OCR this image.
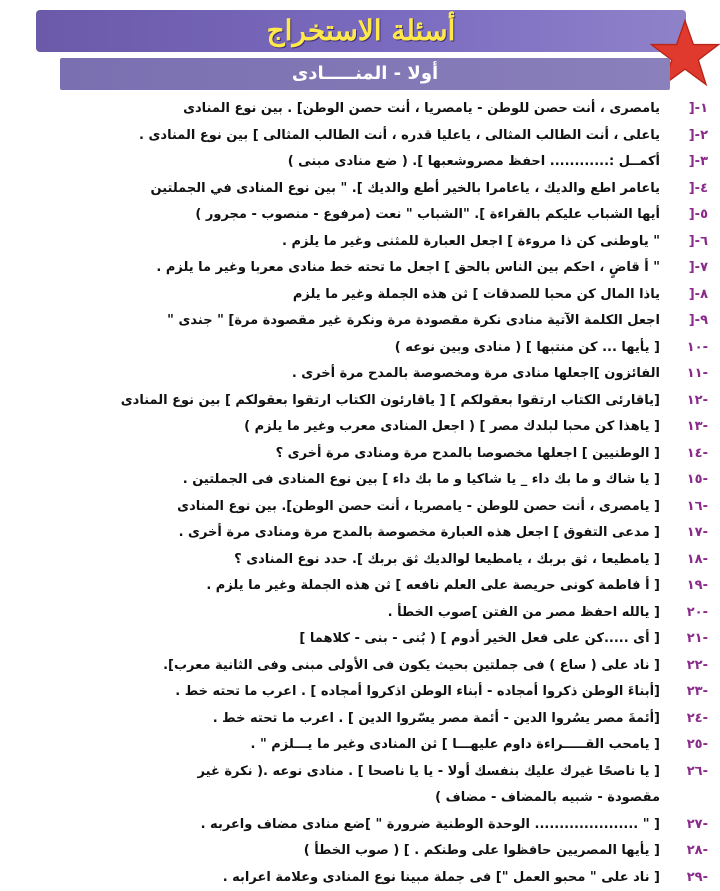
أسئلة الاستخراج
أولا - المنـــــادى
١-[
يامصرى ، أنت حصن للوطن - يامصريا ، أنت حصن الوطن] . بين نوع المنادى
٢-[
ياعلى ، أنت الطالب المثالى ، ياعليا قدره ، أنت الطالب المثالى ] بين نوع المنادى .
٣-[
أكمــل :............ احفظ مصروشعبها ]. ( ضع منادى مبنى )
٤-[
ياعامر اطع والديك ، ياعامرا بالخير أطع والديك ]. " بين نوع المنادى في الجملتين
٥-[
أيها الشباب عليكم بالقراءة ]. "الشباب " نعت (مرفوع - منصوب - مجرور )
٦-[
" ياوطنى كن ذا مروءة ] اجعل العبارة للمثنى وغير ما يلزم .
٧-[
" أ قاضٍ ، احكم بين الناس بالحق ] اجعل ما تحته خط منادى معربا وغير ما يلزم .
٨-[
ياذا المال كن محبا للصدقات ] ثن هذه الجملة وغير ما يلزم
٩-[
اجعل الكلمة الآتية منادى نكرة مقصودة مرة ونكرة غير مقصودة مرة] " جندى "
-١٠
[ يأيها ... كن منتبها ] ( منادى وبين نوعه )
-١١
الفائزون ]اجعلها منادى مرة ومخصوصة بالمدح مرة أخرى .
-١٢
[ياقارئى الكتاب ارتقوا بعقولكم ] [ ياقارئون الكتاب ارتقوا بعقولكم ] بين نوع المنادى
-١٣
[ ياهذا كن محبا لبلدك مصر ] ( اجعل المنادى معرب وغير ما يلزم )
-١٤
[ الوطنيين ] اجعلها مخصوصا بالمدح مرة ومنادى مرة أخرى ؟
-١٥
[ يا شاك و ما بك داء _ يا شاكيا و ما بك داء ] بين نوع المنادى فى الجملتين .
-١٦
[ يامصرى ، أنت حصن للوطن - يامصريا ، أنت حصن الوطن]. بين نوع المنادى
-١٧
[ مدعى التفوق ] اجعل هذه العبارة مخصوصة بالمدح مرة ومنادى مرة أخرى .
-١٨
[ يامطيعا ، ثق بربك ، يامطيعا لوالديك ثق بربك ]. حدد نوع المنادى ؟
-١٩
[ أ فاطمة كونى حريصة على العلم نافعه ] ثن هذه الجملة وغير ما يلزم .
-٢٠
[ يالله احفظ مصر من الفتن ]صوب الخطأ .
-٢١
[ أى .....كن على فعل الخير أدوم ] ( بُنى - بنى - كلاهما ]
-٢٢
[ ناد على ( ساع ) فى جملتين بحيث يكون فى الأولى مبنى وفى الثانية معرب].
-٢٣
[أبناءَ الوطن ذكروا أمجاده - أبناء الوطن اذكروا أمجاده ] . اعرب ما تحته خط .
-٢٤
[أئمةَ مصر يسُروا الدين - أئمة مصر يسّروا الدين ] . اعرب ما تحته خط .
-٢٥
[ يامحب القـــــراءة داوم عليهـــا ] ثن المنادى وغير ما يـــلزم " .
-٢٦
[ يا ناصحًا غيرك عليك بنفسك أولا - يا يا ناصحا ] . منادى نوعه .( نكرة غير
مقصودة - شبيه بالمضاف - مضاف )
-٢٧
[ " ..................... الوحدة الوطنية ضرورة " ]ضع منادى مضاف واعربه .
-٢٨
[ يأيها المصريين حافظوا على وطنكم . ] ( صوب الخطأ )
-٢٩
[ ناد على " محبو العمل "] فى جملة مبينا نوع المنادى وعلامة اعرابه .
